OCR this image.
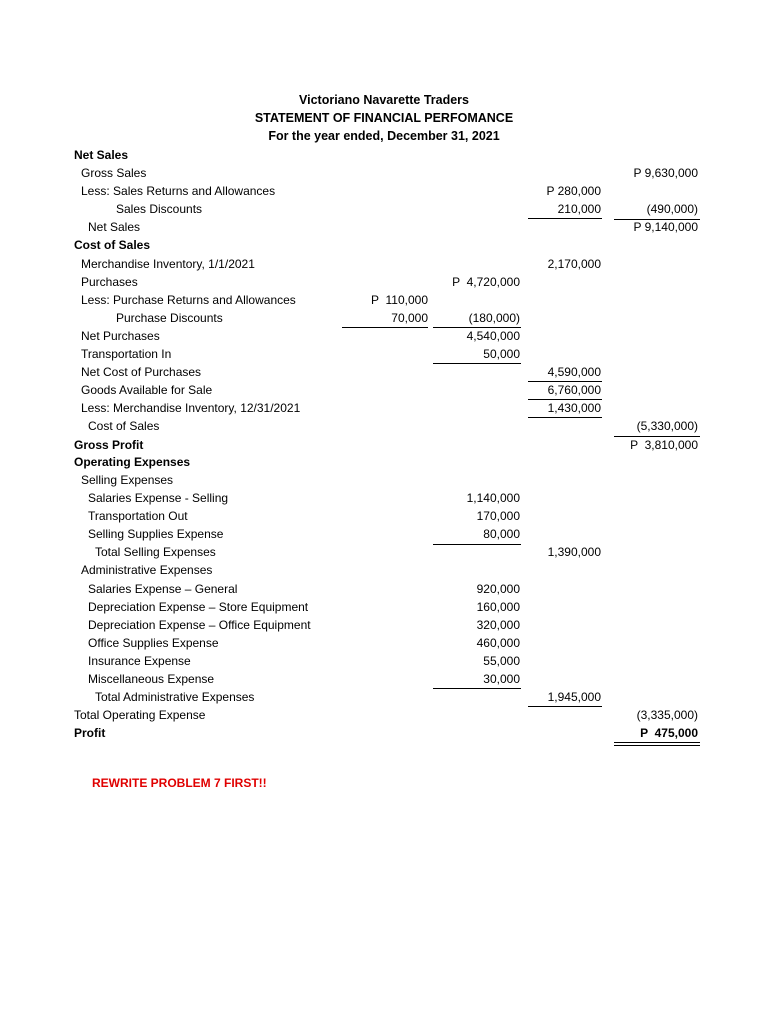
Victoriano Navarette Traders
STATEMENT OF FINANCIAL PERFOMANCE
For the year ended, December 31, 2021
Net Sales
Gross Sales	P 9,630,000
Less: Sales Returns and Allowances	P 280,000
Sales Discounts	210,000	(490,000)
Net Sales	P 9,140,000
Cost of Sales
Merchandise Inventory, 1/1/2021	2,170,000
Purchases	P  4,720,000
Less: Purchase Returns and Allowances	P  110,000
Purchase Discounts	70,000	(180,000)
Net Purchases	4,540,000
Transportation In	50,000
Net Cost of Purchases	4,590,000
Goods Available for Sale	6,760,000
Less: Merchandise Inventory, 12/31/2021	1,430,000
Cost of Sales	(5,330,000)
Gross Profit	P  3,810,000
Operating Expenses
Selling Expenses
Salaries Expense - Selling	1,140,000
Transportation Out	170,000
Selling Supplies Expense	80,000
Total Selling Expenses	1,390,000
Administrative Expenses
Salaries Expense – General	920,000
Depreciation Expense – Store Equipment	160,000
Depreciation Expense – Office Equipment	320,000
Office Supplies Expense	460,000
Insurance Expense	55,000
Miscellaneous Expense	30,000
Total Administrative Expenses	1,945,000
Total Operating Expense	(3,335,000)
Profit	P  475,000
REWRITE PROBLEM 7 FIRST!!
